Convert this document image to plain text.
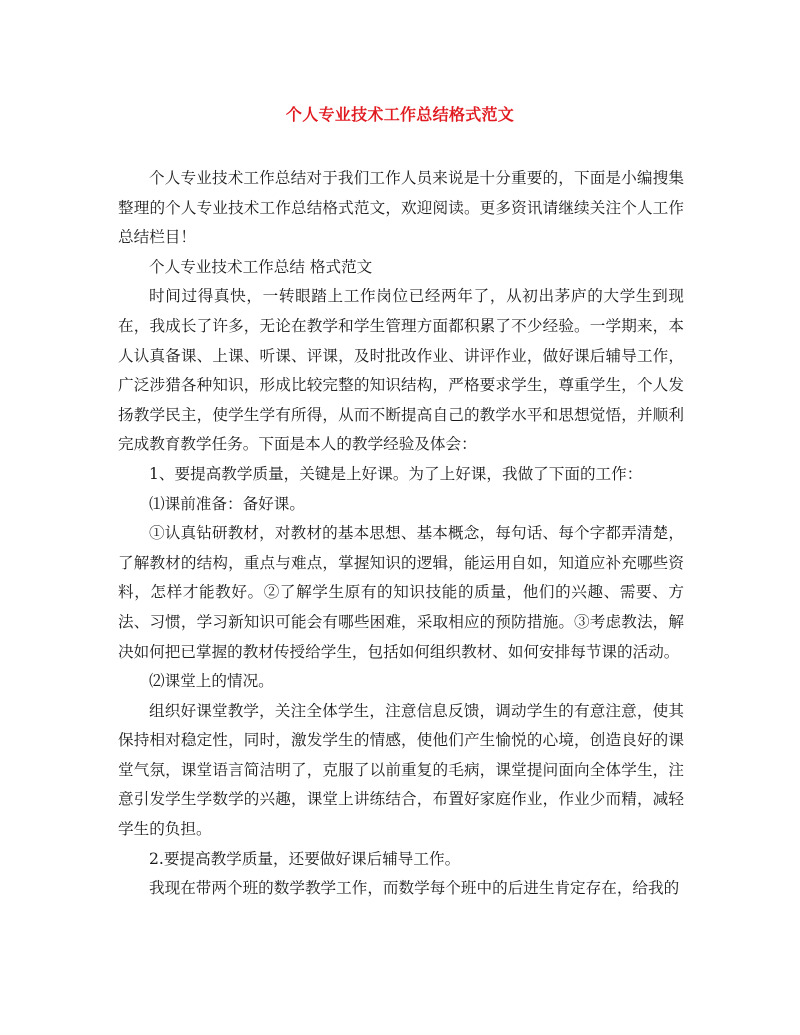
个人专业技术工作总结格式范文

个人专业技术工作总结对于我们工作人员来说是十分重要的，下面是小编搜集整理的个人专业技术工作总结格式范文，欢迎阅读。更多资讯请继续关注个人工作总结栏目！

个人专业技术工作总结 格式范文

时间过得真快，一转眼踏上工作岗位已经两年了，从初出茅庐的大学生到现在，我成长了许多，无论在教学和学生管理方面都积累了不少经验。一学期来，本人认真备课、上课、听课、评课，及时批改作业、讲评作业，做好课后辅导工作，广泛涉猎各种知识，形成比较完整的知识结构，严格要求学生，尊重学生，个人发扬教学民主，使学生学有所得，从而不断提高自己的教学水平和思想觉悟，并顺利完成教育教学任务。下面是本人的教学经验及体会：

1、要提高教学质量，关键是上好课。为了上好课，我做了下面的工作：

⑴课前准备：备好课。

①认真钻研教材，对教材的基本思想、基本概念，每句话、每个字都弄清楚，了解教材的结构，重点与难点，掌握知识的逻辑，能运用自如，知道应补充哪些资料，怎样才能教好。②了解学生原有的知识技能的质量，他们的兴趣、需要、方法、习惯，学习新知识可能会有哪些困难，采取相应的预防措施。③考虑教法，解决如何把已掌握的教材传授给学生，包括如何组织教材、如何安排每节课的活动。

⑵课堂上的情况。

组织好课堂教学，关注全体学生，注意信息反馈，调动学生的有意注意，使其保持相对稳定性，同时，激发学生的情感，使他们产生愉悦的心境，创造良好的课堂气氛，课堂语言简洁明了，克服了以前重复的毛病，课堂提问面向全体学生，注意引发学生学数学的兴趣，课堂上讲练结合，布置好家庭作业，作业少而精，减轻学生的负担。

2.要提高教学质量，还要做好课后辅导工作。

我现在带两个班的数学教学工作，而数学每个班中的后进生肯定存在，给我的
